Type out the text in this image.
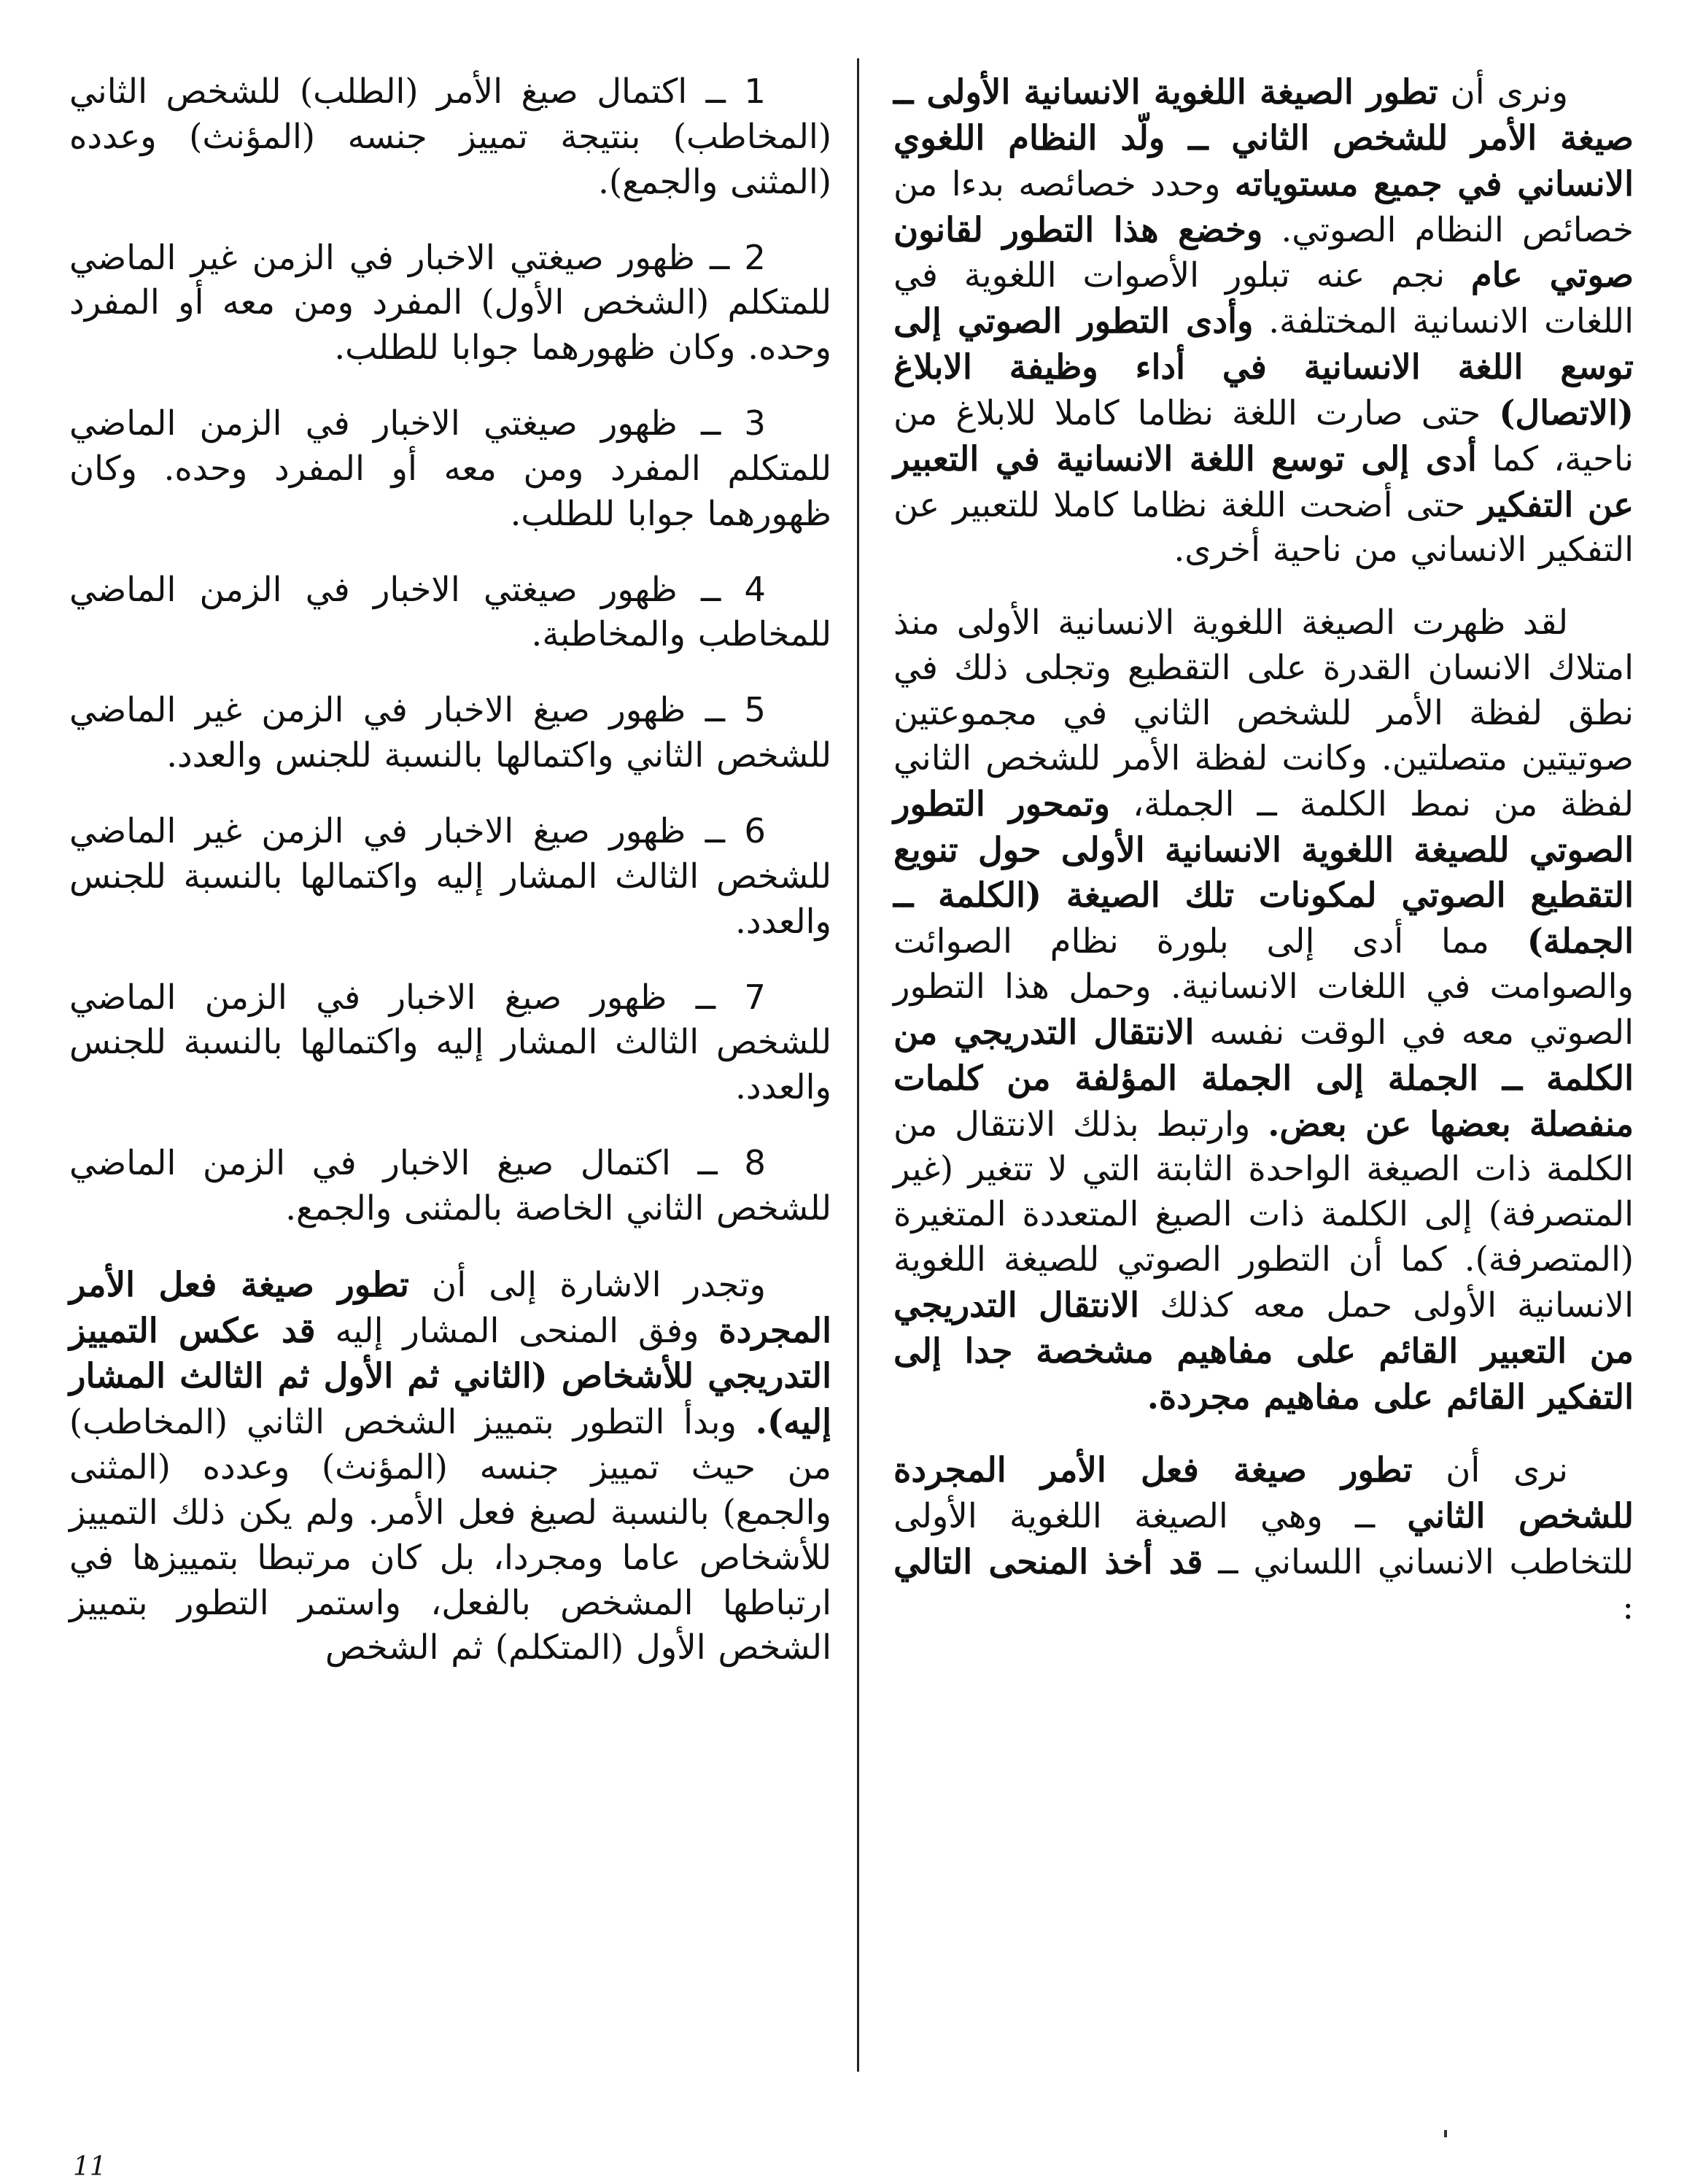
ونرى أن تطور الصيغة اللغوية الانسانية الأولى ــ صيغة الأمر للشخص الثاني ــ ولّد النظام اللغوي الانساني في جميع مستوياته وحدد خصائصه بدءا من خصائص النظام الصوتي. وخضع هذا التطور لقانون صوتي عام نجم عنه تبلور الأصوات اللغوية في اللغات الانسانية المختلفة. وأدى التطور الصوتي إلى توسع اللغة الانسانية في أداء وظيفة الابلاغ (الاتصال) حتى صارت اللغة نظاما كاملا للابلاغ من ناحية، كما أدى إلى توسع اللغة الانسانية في التعبير عن التفكير حتى أضحت اللغة نظاما كاملا للتعبير عن التفكير الانساني من ناحية أخرى.

لقد ظهرت الصيغة اللغوية الانسانية الأولى منذ امتلاك الانسان القدرة على التقطيع وتجلى ذلك في نطق لفظة الأمر للشخص الثاني في مجموعتين صوتيتين متصلتين. وكانت لفظة الأمر للشخص الثاني لفظة من نمط الكلمة ــ الجملة، وتمحور التطور الصوتي للصيغة اللغوية الانسانية الأولى حول تنويع التقطيع الصوتي لمكونات تلك الصيغة (الكلمة ــ الجملة) مما أدى إلى بلورة نظام الصوائت والصوامت في اللغات الانسانية. وحمل هذا التطور الصوتي معه في الوقت نفسه الانتقال التدريجي من الكلمة ــ الجملة إلى الجملة المؤلفة من كلمات منفصلة بعضها عن بعض. وارتبط بذلك الانتقال من الكلمة ذات الصيغة الواحدة الثابتة التي لا تتغير (غير المتصرفة) إلى الكلمة ذات الصيغ المتعددة المتغيرة (المتصرفة). كما أن التطور الصوتي للصيغة اللغوية الانسانية الأولى حمل معه كذلك الانتقال التدريجي من التعبير القائم على مفاهيم مشخصة جدا إلى التفكير القائم على مفاهيم مجردة.

نرى أن تطور صيغة فعل الأمر المجردة للشخص الثاني ــ وهي الصيغة اللغوية الأولى للتخاطب الانساني اللساني ــ قد أخذ المنحى التالي :

1 ــ اكتمال صيغ الأمر (الطلب) للشخص الثاني (المخاطب) بنتيجة تمييز جنسه (المؤنث) وعدده (المثنى والجمع).

2 ــ ظهور صيغتي الاخبار في الزمن غير الماضي للمتكلم (الشخص الأول) المفرد ومن معه أو المفرد وحده. وكان ظهورهما جوابا للطلب.

3 ــ ظهور صيغتي الاخبار في الزمن الماضي للمتكلم المفرد ومن معه أو المفرد وحده. وكان ظهورهما جوابا للطلب.

4 ــ ظهور صيغتي الاخبار في الزمن الماضي للمخاطب والمخاطبة.

5 ــ ظهور صيغ الاخبار في الزمن غير الماضي للشخص الثاني واكتمالها بالنسبة للجنس والعدد.

6 ــ ظهور صيغ الاخبار في الزمن غير الماضي للشخص الثالث المشار إليه واكتمالها بالنسبة للجنس والعدد.

7 ــ ظهور صيغ الاخبار في الزمن الماضي للشخص الثالث المشار إليه واكتمالها بالنسبة للجنس والعدد.

8 ــ اكتمال صيغ الاخبار في الزمن الماضي للشخص الثاني الخاصة بالمثنى والجمع.

وتجدر الاشارة إلى أن تطور صيغة فعل الأمر المجردة وفق المنحى المشار إليه قد عكس التمييز التدريجي للأشخاص (الثاني ثم الأول ثم الثالث المشار إليه). وبدأ التطور بتمييز الشخص الثاني (المخاطب) من حيث تمييز جنسه (المؤنث) وعدده (المثنى والجمع) بالنسبة لصيغ فعل الأمر. ولم يكن ذلك التمييز للأشخاص عاما ومجردا، بل كان مرتبطا بتمييزها في ارتباطها المشخص بالفعل، واستمر التطور بتمييز الشخص الأول (المتكلم) ثم الشخص

11
